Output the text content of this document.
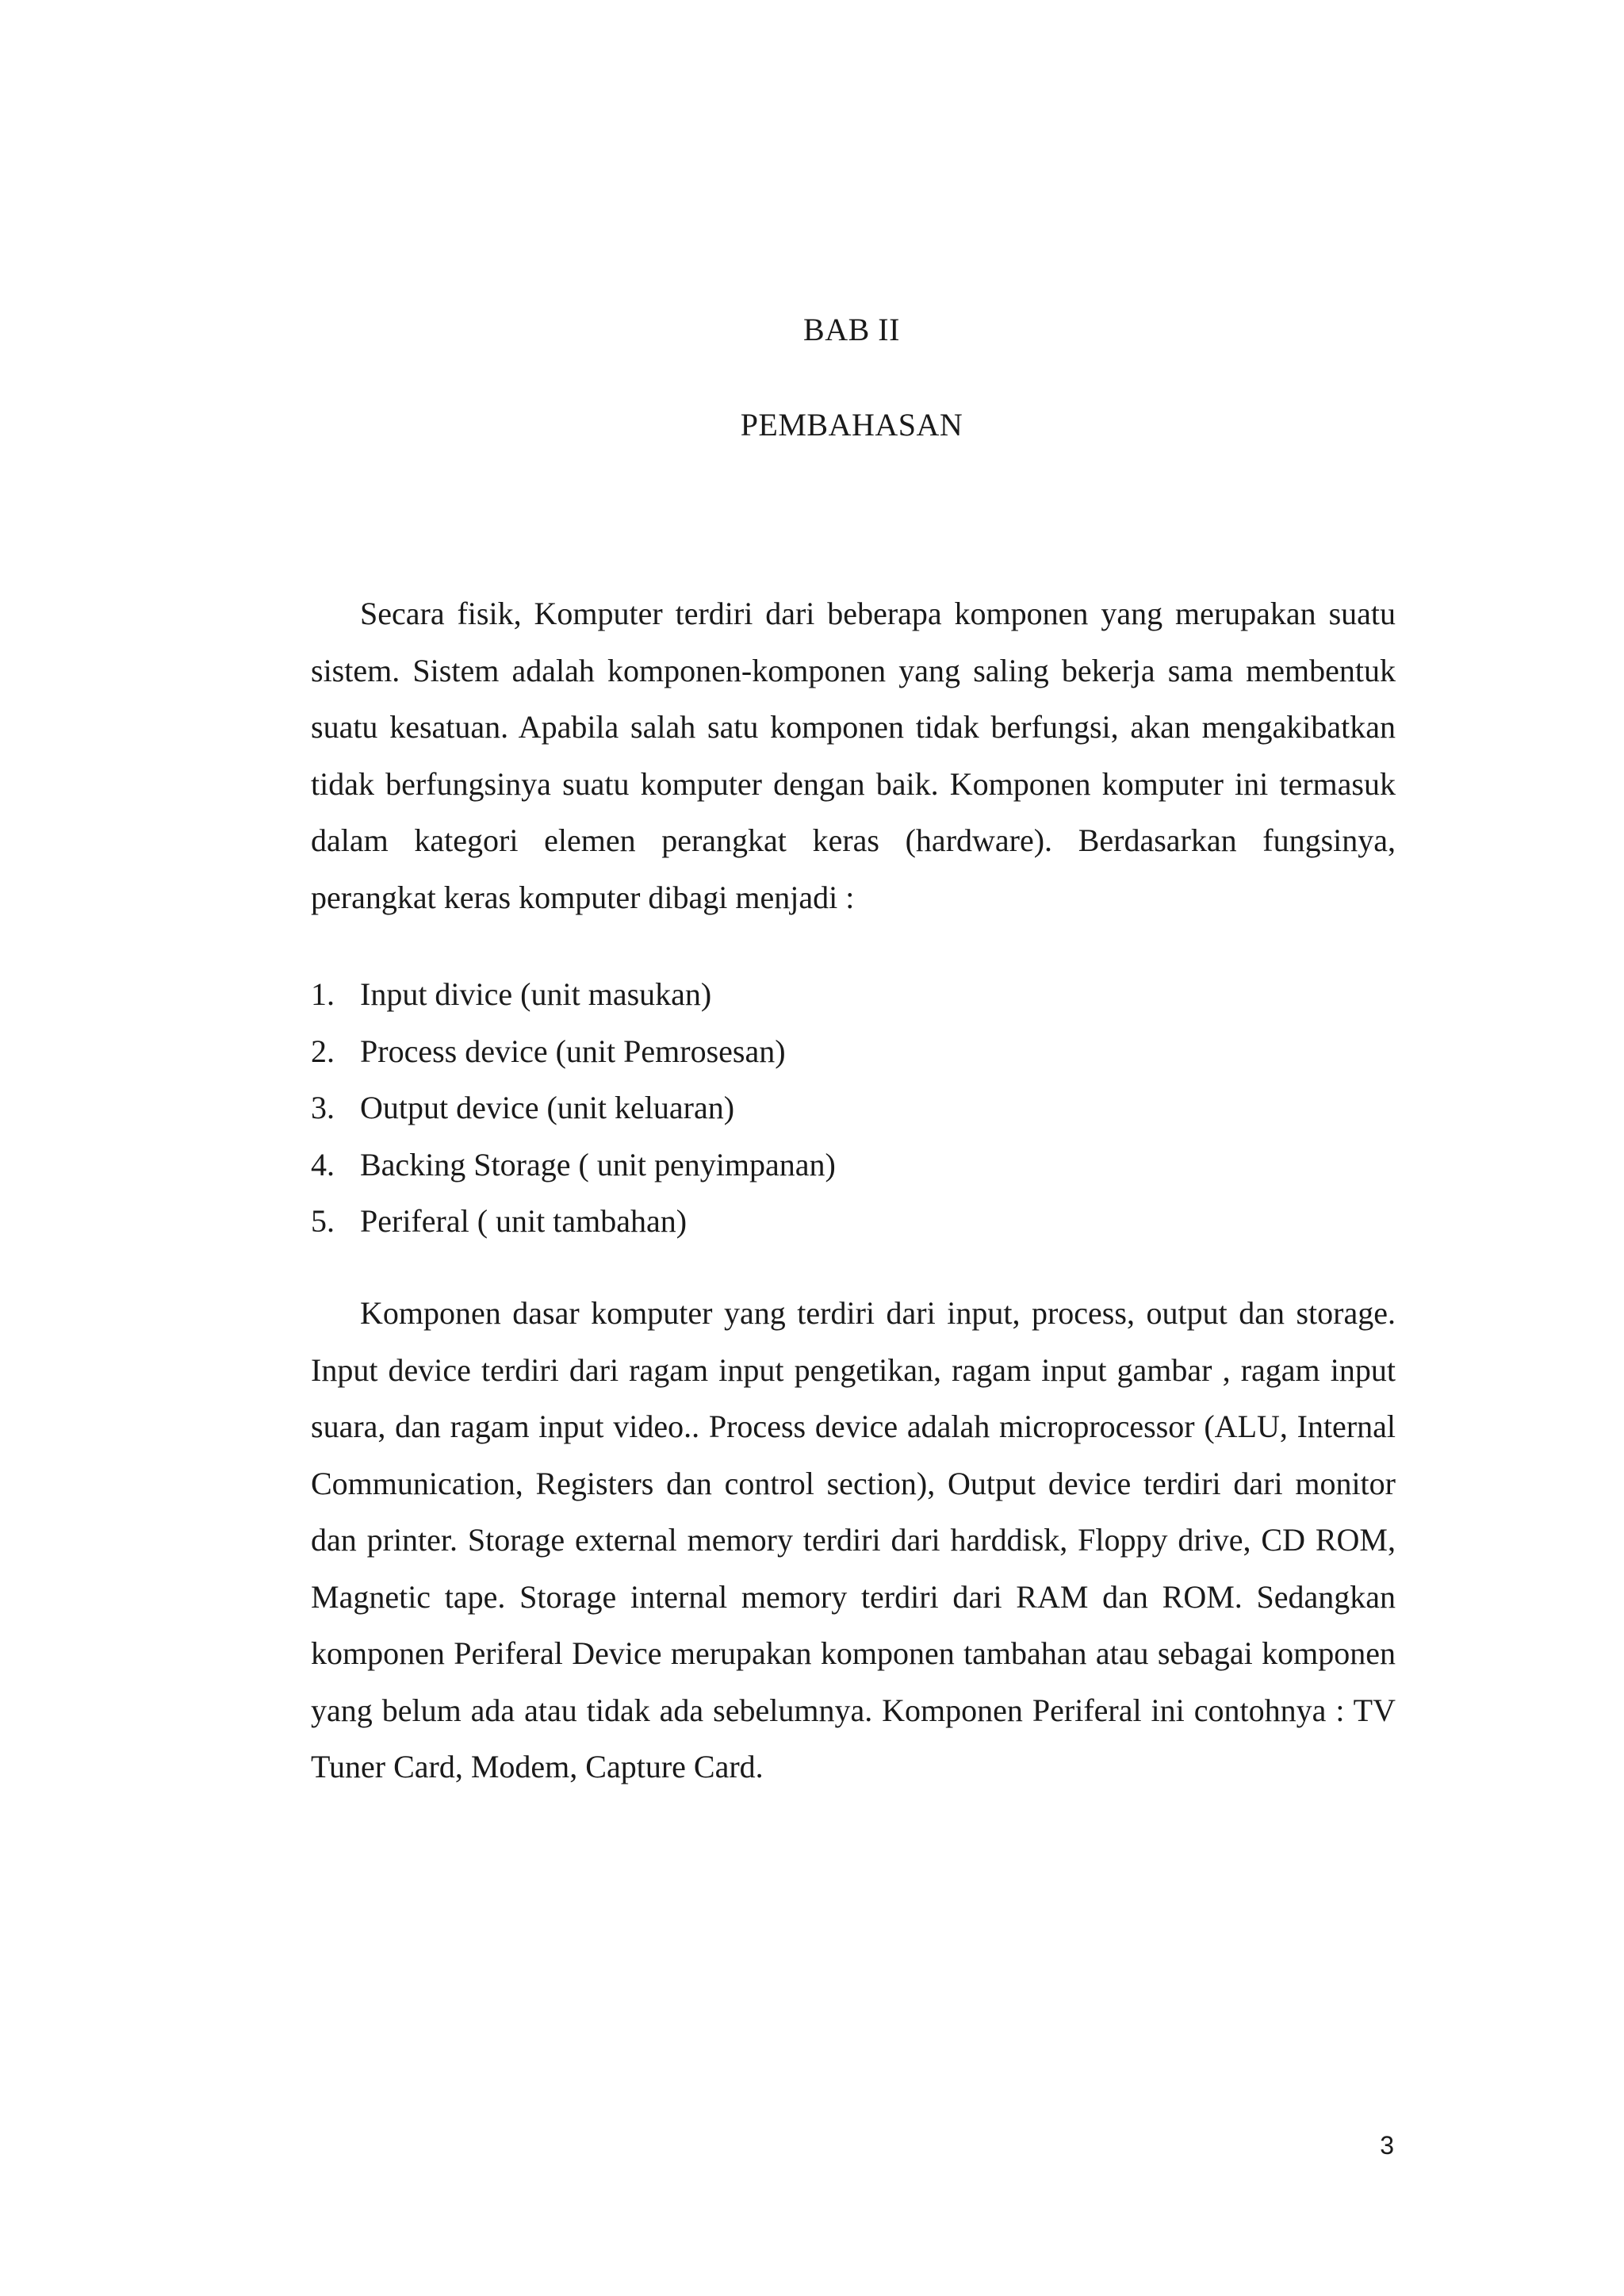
BAB II
PEMBAHASAN

Secara fisik, Komputer terdiri dari beberapa komponen yang merupakan suatu sistem. Sistem adalah komponen-komponen yang saling bekerja sama membentuk suatu kesatuan. Apabila salah satu komponen tidak berfungsi, akan mengakibatkan tidak berfungsinya suatu komputer dengan baik. Komponen komputer ini termasuk dalam kategori elemen perangkat keras (hardware). Berdasarkan fungsinya, perangkat keras komputer dibagi menjadi :

1. Input divice (unit masukan)
2. Process device (unit Pemrosesan)
3. Output device (unit keluaran)
4. Backing Storage ( unit penyimpanan)
5. Periferal ( unit tambahan)

Komponen dasar komputer yang terdiri dari input, process, output dan storage. Input device terdiri dari ragam input pengetikan, ragam input gambar , ragam input suara, dan ragam input video.. Process device adalah microprocessor (ALU, Internal Communication, Registers dan control section), Output device terdiri dari monitor dan printer. Storage external memory terdiri dari harddisk, Floppy drive, CD ROM, Magnetic tape. Storage internal memory terdiri dari RAM dan ROM. Sedangkan komponen Periferal Device merupakan komponen tambahan atau sebagai komponen yang belum ada atau tidak ada sebelumnya. Komponen Periferal ini contohnya : TV Tuner Card, Modem, Capture Card.

3
